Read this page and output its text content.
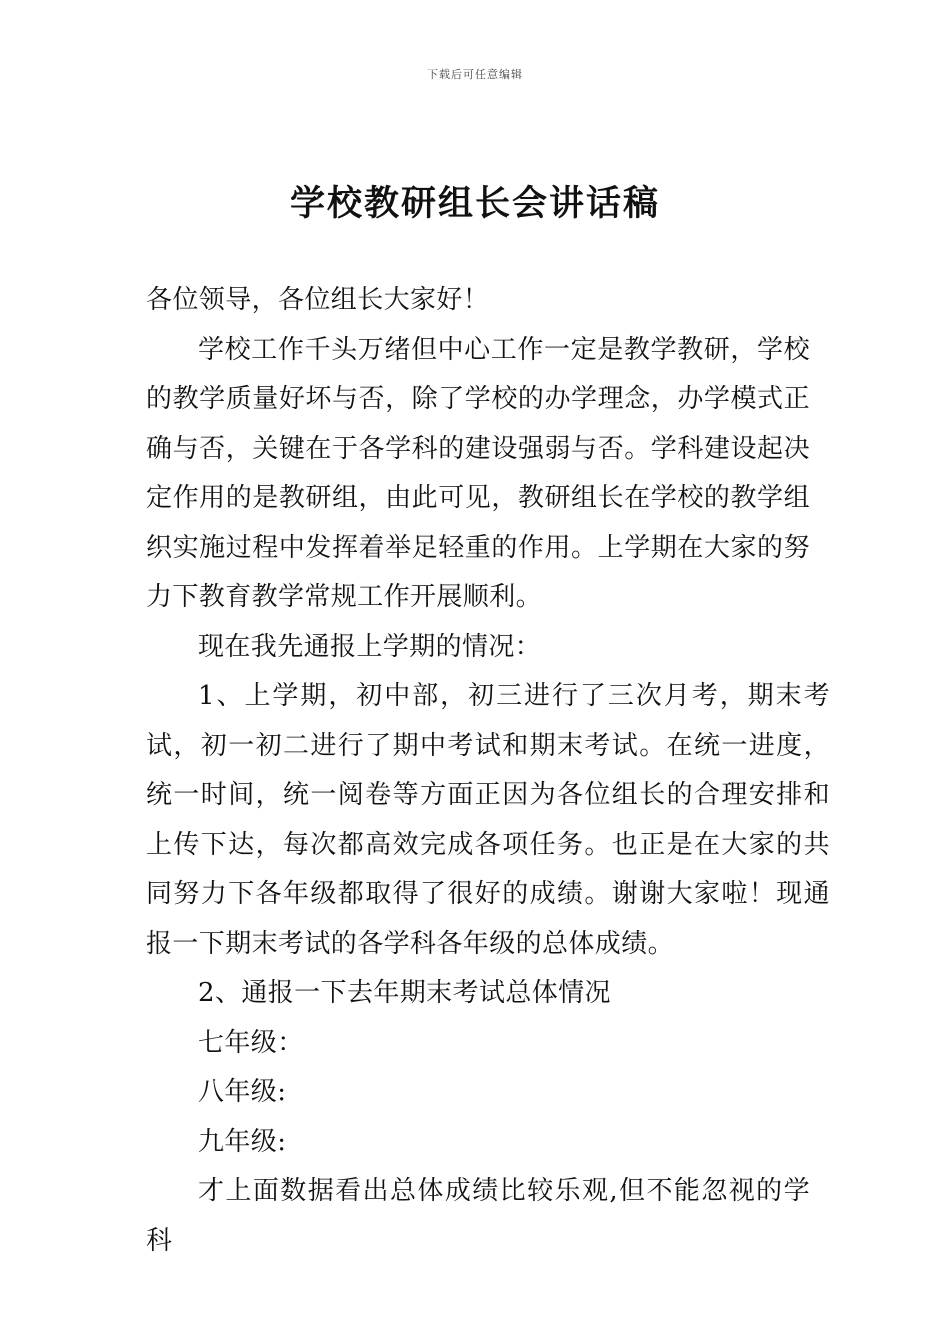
下载后可任意编辑
学校教研组长会讲话稿

各位领导，各位组长大家好！

学校工作千头万绪但中心工作一定是教学教研，学校的教学质量好坏与否，除了学校的办学理念，办学模式正确与否，关键在于各学科的建设强弱与否。学科建设起决定作用的是教研组，由此可见，教研组长在学校的教学组织实施过程中发挥着举足轻重的作用。上学期在大家的努力下教育教学常规工作开展顺利。

现在我先通报上学期的情况：

1、上学期，初中部，初三进行了三次月考，期末考试，初一初二进行了期中考试和期末考试。在统一进度，统一时间，统一阅卷等方面正因为各位组长的合理安排和上传下达，每次都高效完成各项任务。也正是在大家的共同努力下各年级都取得了很好的成绩。谢谢大家啦！现通报一下期末考试的各学科各年级的总体成绩。

2、通报一下去年期末考试总体情况

七年级：

八年级:

九年级:

才上面数据看出总体成绩比较乐观,但不能忽视的学科
